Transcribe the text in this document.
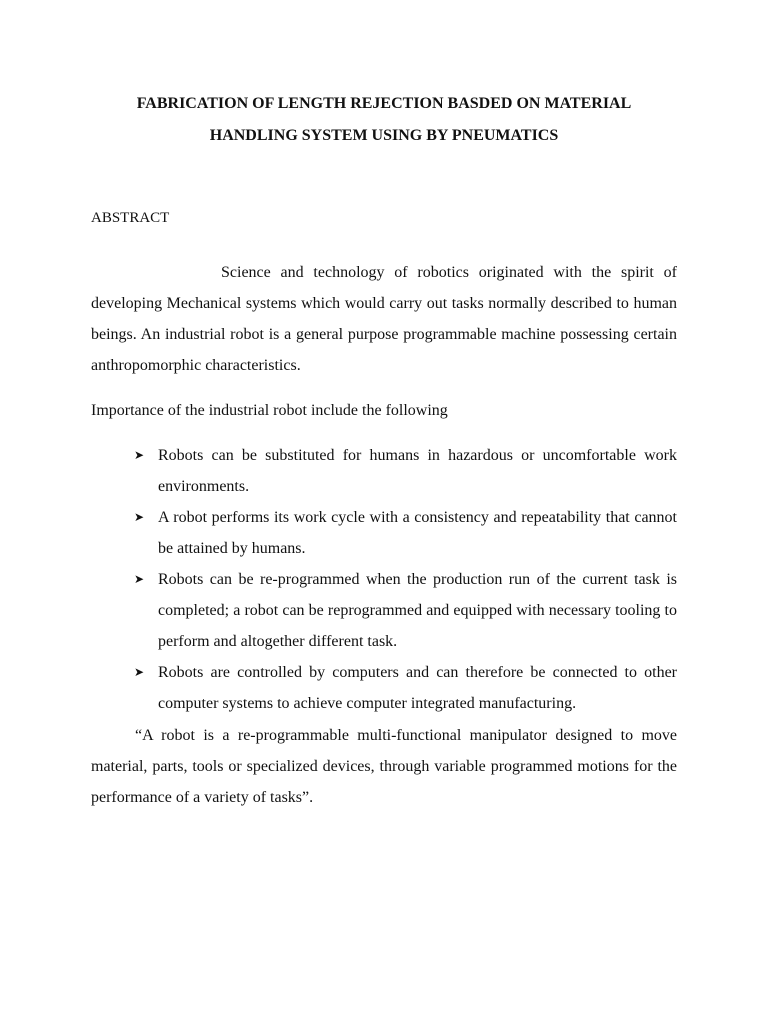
FABRICATION OF LENGTH REJECTION BASDED ON MATERIAL
HANDLING SYSTEM USING BY PNEUMATICS

ABSTRACT

Science and technology of robotics originated with the spirit of developing Mechanical systems which would carry out tasks normally described to human beings. An industrial robot is a general purpose programmable machine possessing certain anthropomorphic characteristics.

Importance of the industrial robot include the following

➤ Robots can be substituted for humans in hazardous or uncomfortable work environments.
➤ A robot performs its work cycle with a consistency and repeatability that cannot be attained by humans.
➤ Robots can be re-programmed when the production run of the current task is completed; a robot can be reprogrammed and equipped with necessary tooling to perform and altogether different task.
➤ Robots are controlled by computers and can therefore be connected to other computer systems to achieve computer integrated manufacturing.

“A robot is a re-programmable multi-functional manipulator designed to move material, parts, tools or specialized devices, through variable programmed motions for the performance of a variety of tasks”.
